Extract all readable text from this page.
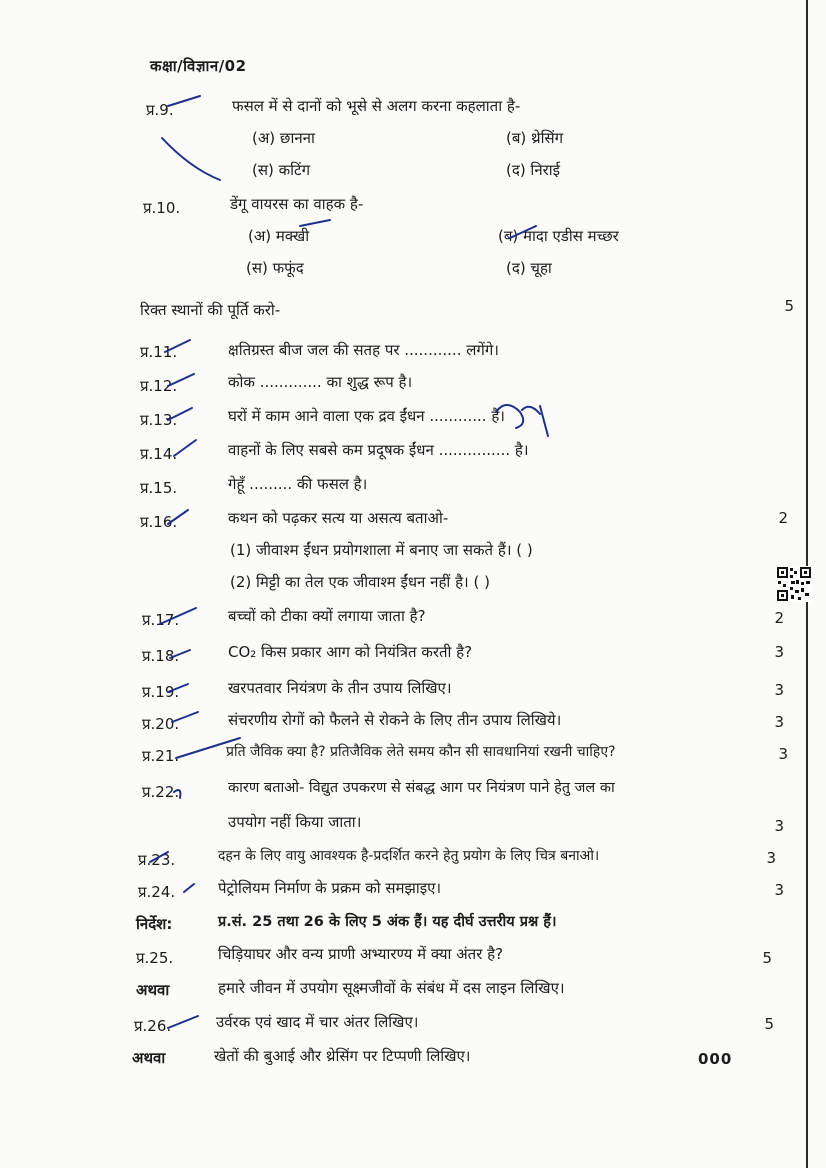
कक्षा/विज्ञान/02
प्र.9.	फसल में से दानों को भूसे से अलग करना कहलाता है-
(अ) छानना	(ब) थ्रेसिंग
(स) कटिंग	(द) निराई
प्र.10.	डेंगू वायरस का वाहक है-
(अ) मक्खी	(ब) मादा एडीस मच्छर
(स) फफूंद	(द) चूहा
रिक्त स्थानों की पूर्ति करो-	5
प्र.11.	क्षतिग्रस्त बीज जल की सतह पर ............ लगेंगे।
प्र.12.	कोक ............. का शुद्ध रूप है।
प्र.13.	घरों में काम आने वाला एक द्रव ईंधन ............ है।
प्र.14.	वाहनों के लिए सबसे कम प्रदूषक ईंधन ............... है।
प्र.15.	गेहूँ ......... की फसल है।
प्र.16.	कथन को पढ़कर सत्य या असत्य बताओ-	2
(1) जीवाश्म ईंधन प्रयोगशाला में बनाए जा सकते हैं। ( )
(2) मिट्टी का तेल एक जीवाश्म ईंधन नहीं है। ( )
प्र.17.	बच्चों को टीका क्यों लगाया जाता है?	2
प्र.18.	CO₂ किस प्रकार आग को नियंत्रित करती है?	3
प्र.19.	खरपतवार नियंत्रण के तीन उपाय लिखिए।	3
प्र.20.	संचरणीय रोगों को फैलने से रोकने के लिए तीन उपाय लिखिये।	3
प्र.21.	प्रति जैविक क्या है? प्रतिजैविक लेते समय कौन सी सावधानियां रखनी चाहिए?	3
प्र.22.	कारण बताओ- विद्युत उपकरण से संबद्ध आग पर नियंत्रण पाने हेतु जल का
उपयोग नहीं किया जाता।	3
प्र.23.	दहन के लिए वायु आवश्यक है-प्रदर्शित करने हेतु प्रयोग के लिए चित्र बनाओ।	3
प्र.24.	पेट्रोलियम निर्माण के प्रक्रम को समझाइए।	3
निर्देश:	प्र.सं. 25 तथा 26 के लिए 5 अंक हैं। यह दीर्घ उत्तरीय प्रश्न हैं।
प्र.25.	चिड़ियाघर और वन्य प्राणी अभ्यारण्य में क्या अंतर है?	5
अथवा	हमारे जीवन में उपयोग सूक्ष्मजीवों के संबंध में दस लाइन लिखिए।
प्र.26.	उर्वरक एवं खाद में चार अंतर लिखिए।	5
अथवा	खेतों की बुआई और थ्रेसिंग पर टिप्पणी लिखिए।	000
